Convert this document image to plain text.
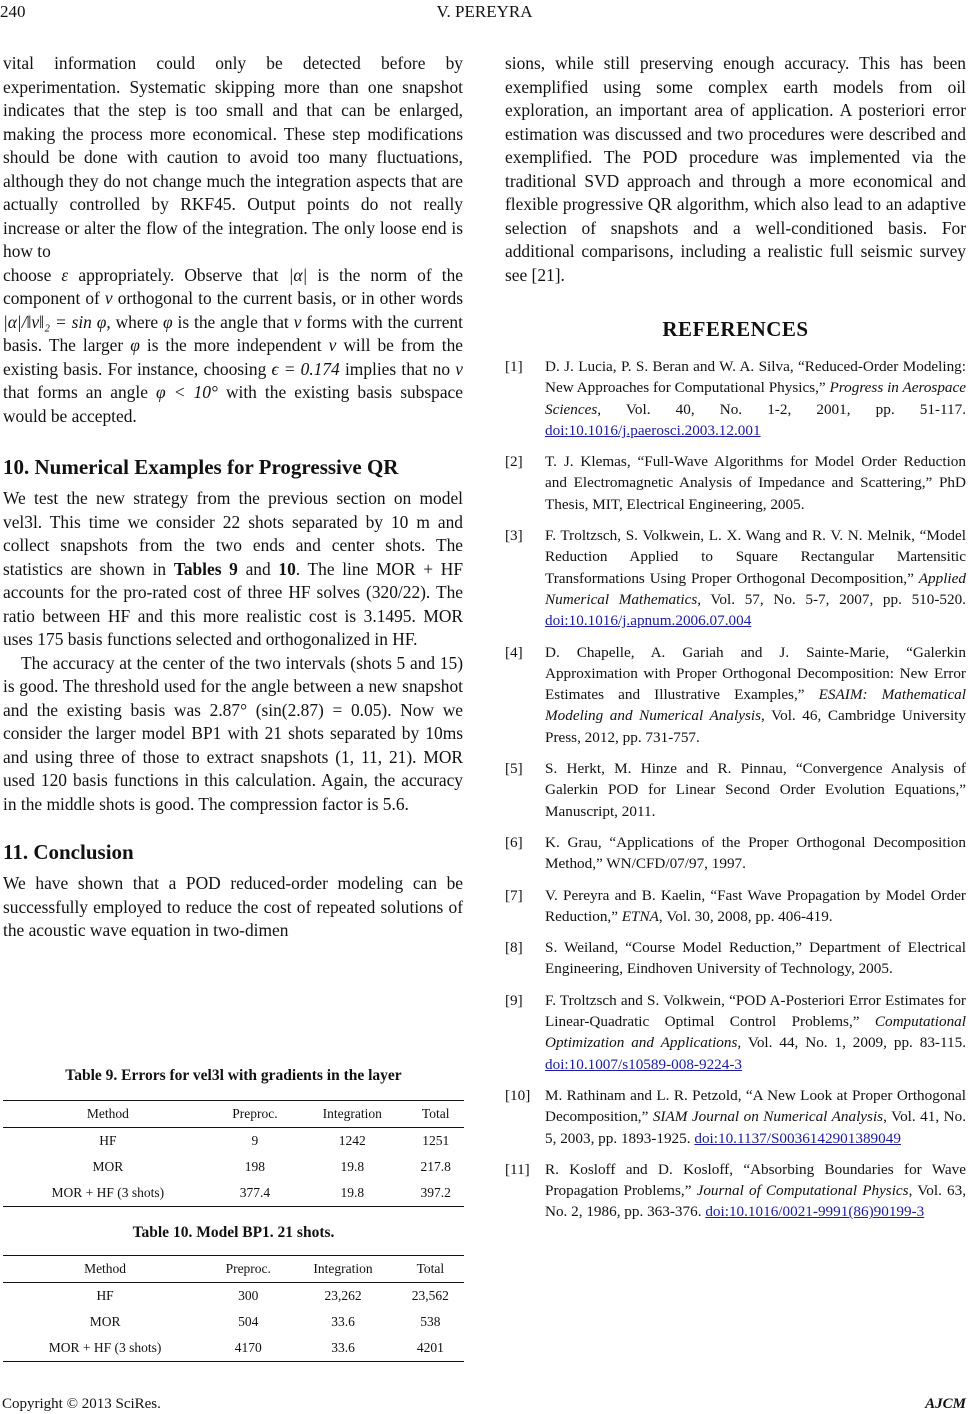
240	V. PEREYRA

vital information could only be detected before by experimentation. Systematic skipping more than one snapshot indicates that the step is too small and that can be enlarged, making the process more economical. These step modifications should be done with caution to avoid too many fluctuations, although they do not change much the integration aspects that are actually controlled by RKF45. Output points do not really increase or alter the flow of the integration. The only loose end is how to

choose ε appropriately. Observe that |α| is the norm of the component of v orthogonal to the current basis, or in other words |α|/‖v‖₂ = sin φ, where φ is the angle that v forms with the current basis. The larger φ is the more independent v will be from the existing basis. For instance, choosing ϵ = 0.174 implies that no v that forms an angle φ < 10° with the existing basis subspace would be accepted.

10. Numerical Examples for Progressive QR

We test the new strategy from the previous section on model vel3l. This time we consider 22 shots separated by 10 m and collect snapshots from the two ends and center shots. The statistics are shown in Tables 9 and 10. The line MOR + HF accounts for the pro-rated cost of three HF solves (320/22). The ratio between HF and this more realistic cost is 3.1495. MOR uses 175 basis functions selected and orthogonalized in HF.

The accuracy at the center of the two intervals (shots 5 and 15) is good. The threshold used for the angle between a new snapshot and the existing basis was 2.87° (sin(2.87) = 0.05). Now we consider the larger model BP1 with 21 shots separated by 10ms and using three of those to extract snapshots (1, 11, 21). MOR used 120 basis functions in this calculation. Again, the accuracy in the middle shots is good. The compression factor is 5.6.

11. Conclusion

We have shown that a POD reduced-order modeling can be successfully employed to reduce the cost of repeated solutions of the acoustic wave equation in two-dimen

Table 9. Errors for vel3l with gradients in the layer
Method	Preproc.	Integration	Total
HF	9	1242	1251
MOR	198	19.8	217.8
MOR + HF (3 shots)	377.4	19.8	397.2
Table 10. Model BP1. 21 shots.
Method	Preproc.	Integration	Total
HF	300	23,262	23,562
MOR	504	33.6	538
MOR + HF (3 shots)	4170	33.6	4201

sions, while still preserving enough accuracy. This has been exemplified using some complex earth models from oil exploration, an important area of application. A posteriori error estimation was discussed and two procedures were described and exemplified. The POD procedure was implemented via the traditional SVD approach and through a more economical and flexible progressive QR algorithm, which also lead to an adaptive selection of snapshots and a well-conditioned basis. For additional comparisons, including a realistic full seismic survey see [21].

REFERENCES
[1] D. J. Lucia, P. S. Beran and W. A. Silva, “Reduced-Order Modeling: New Approaches for Computational Physics,” Progress in Aerospace Sciences, Vol. 40, No. 1-2, 2001, pp. 51-117. doi:10.1016/j.paerosci.2003.12.001
[2] T. J. Klemas, “Full-Wave Algorithms for Model Order Reduction and Electromagnetic Analysis of Impedance and Scattering,” PhD Thesis, MIT, Electrical Engineering, 2005.
[3] F. Troltzsch, S. Volkwein, L. X. Wang and R. V. N. Melnik, “Model Reduction Applied to Square Rectangular Martensitic Transformations Using Proper Orthogonal Decomposition,” Applied Numerical Mathematics, Vol. 57, No. 5-7, 2007, pp. 510-520. doi:10.1016/j.apnum.2006.07.004
[4] D. Chapelle, A. Gariah and J. Sainte-Marie, “Galerkin Approximation with Proper Orthogonal Decomposition: New Error Estimates and Illustrative Examples,” ESAIM: Mathematical Modeling and Numerical Analysis, Vol. 46, Cambridge University Press, 2012, pp. 731-757.
[5] S. Herkt, M. Hinze and R. Pinnau, “Convergence Analysis of Galerkin POD for Linear Second Order Evolution Equations,” Manuscript, 2011.
[6] K. Grau, “Applications of the Proper Orthogonal Decomposition Method,” WN/CFD/07/97, 1997.
[7] V. Pereyra and B. Kaelin, “Fast Wave Propagation by Model Order Reduction,” ETNA, Vol. 30, 2008, pp. 406-419.
[8] S. Weiland, “Course Model Reduction,” Department of Electrical Engineering, Eindhoven University of Technology, 2005.
[9] F. Troltzsch and S. Volkwein, “POD A-Posteriori Error Estimates for Linear-Quadratic Optimal Control Problems,” Computational Optimization and Applications, Vol. 44, No. 1, 2009, pp. 83-115. doi:10.1007/s10589-008-9224-3
[10] M. Rathinam and L. R. Petzold, “A New Look at Proper Orthogonal Decomposition,” SIAM Journal on Numerical Analysis, Vol. 41, No. 5, 2003, pp. 1893-1925. doi:10.1137/S0036142901389049
[11] R. Kosloff and D. Kosloff, “Absorbing Boundaries for Wave Propagation Problems,” Journal of Computational Physics, Vol. 63, No. 2, 1986, pp. 363-376. doi:10.1016/0021-9991(86)90199-3
Copyright © 2013 SciRes.	AJCM
